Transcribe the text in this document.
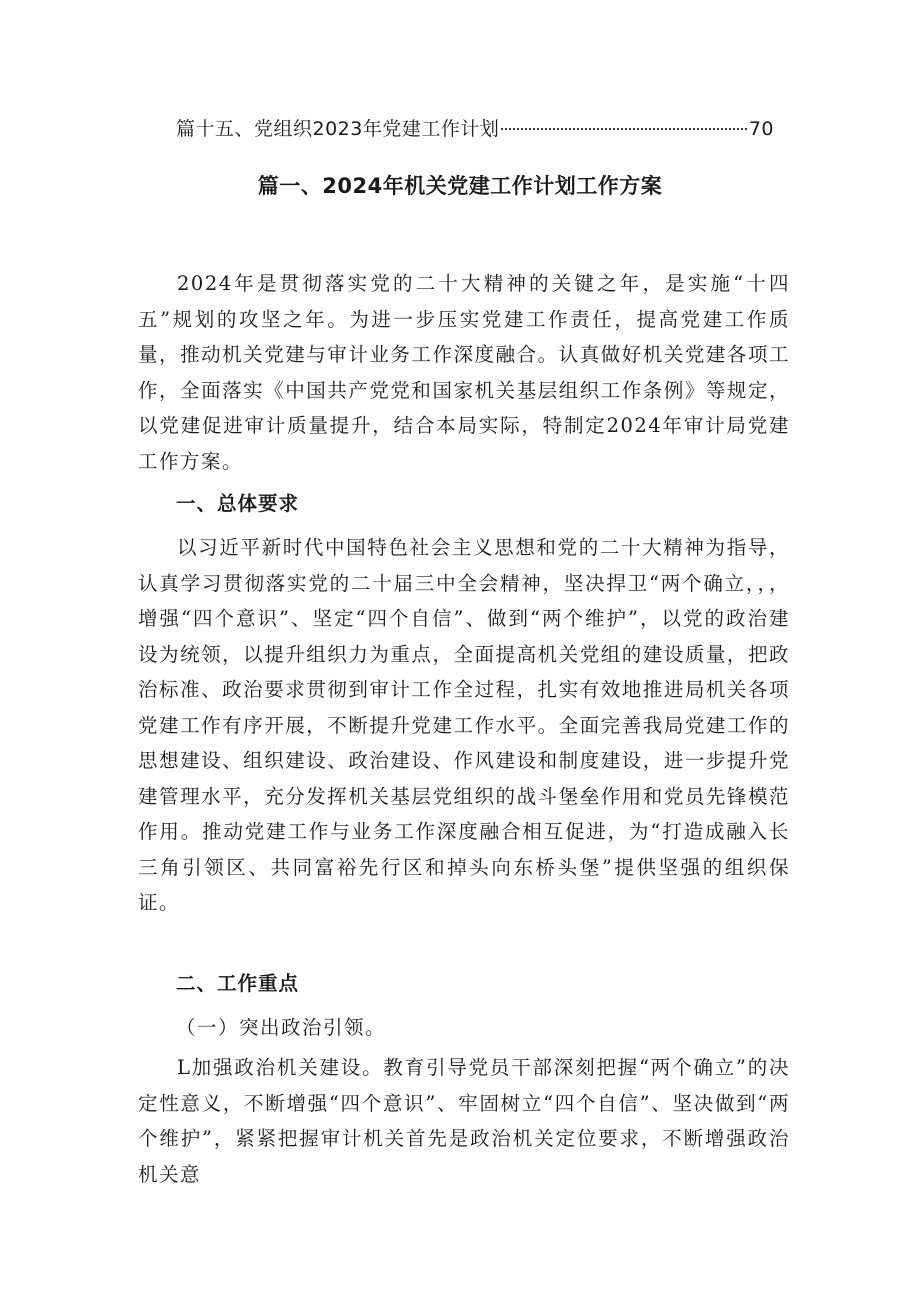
篇十五、党组织2023年党建工作计划	70
篇一、2024年机关党建工作计划工作方案

2024年是贯彻落实党的二十大精神的关键之年，是实施“十四五”规划的攻坚之年。为进一步压实党建工作责任，提高党建工作质量，推动机关党建与审计业务工作深度融合。认真做好机关党建各项工作，全面落实《中国共产党党和国家机关基层组织工作条例》等规定，以党建促进审计质量提升，结合本局实际，特制定2024年审计局党建工作方案。

一、总体要求

以习近平新时代中国特色社会主义思想和党的二十大精神为指导，认真学习贯彻落实党的二十届三中全会精神，坚决捍卫“两个确立，，，增强“四个意识”、坚定“四个自信”、做到“两个维护”，以党的政治建设为统领，以提升组织力为重点，全面提高机关党组的建设质量，把政治标准、政治要求贯彻到审计工作全过程，扎实有效地推进局机关各项党建工作有序开展，不断提升党建工作水平。全面完善我局党建工作的思想建设、组织建设、政治建设、作风建设和制度建设，进一步提升党建管理水平，充分发挥机关基层党组织的战斗堡垒作用和党员先锋模范作用。推动党建工作与业务工作深度融合相互促进，为“打造成融入长三角引领区、共同富裕先行区和掉头向东桥头堡”提供坚强的组织保证。

二、工作重点
（一）突出政治引领。

L加强政治机关建设。教育引导党员干部深刻把握“两个确立”的决定性意义，不断增强“四个意识”、牢固树立“四个自信”、坚决做到“两个维护”，紧紧把握审计机关首先是政治机关定位要求，不断增强政治机关意
